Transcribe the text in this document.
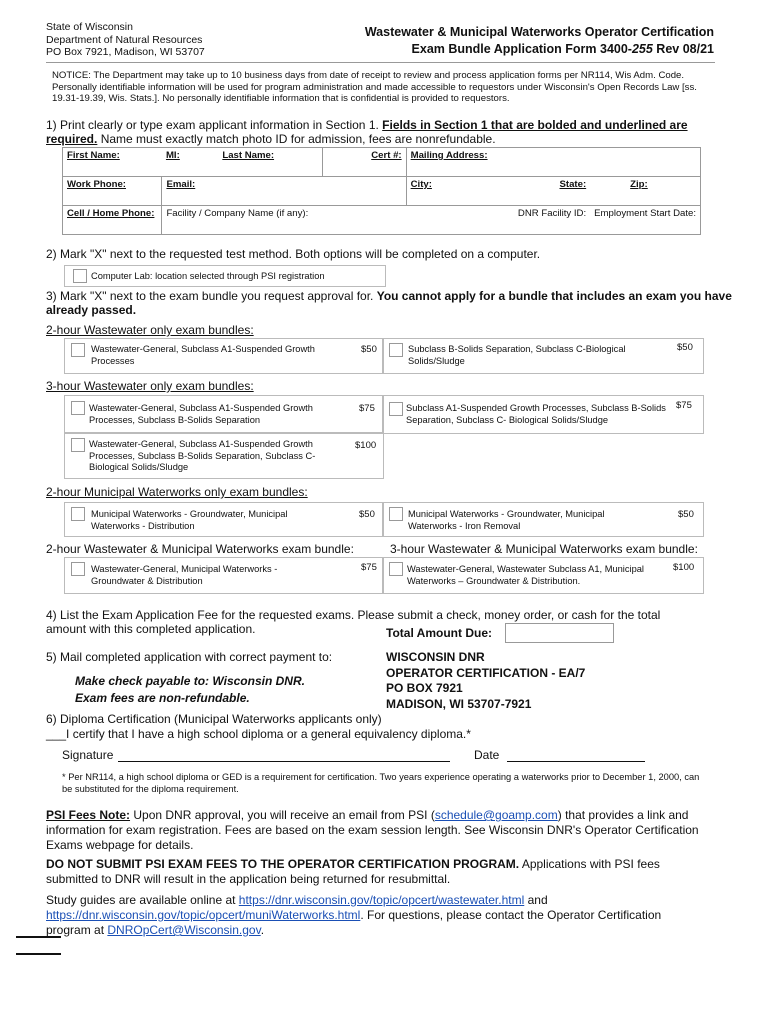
State of Wisconsin
Department of Natural Resources
PO Box 7921, Madison, WI 53707
Wastewater & Municipal Waterworks Operator Certification
Exam Bundle Application Form 3400-255 Rev 08/21
NOTICE: The Department may take up to 10 business days from date of receipt to review and process application forms per NR114, Wis Adm. Code. Personally identifiable information will be used for program administration and made accessible to requestors under Wisconsin's Open Records Law [ss. 19.31-19.39, Wis. Stats.]. No personally identifiable information that is confidential is provided to requestors.
1) Print clearly or type exam applicant information in Section 1. Fields in Section 1 that are bolded and underlined are required. Name must exactly match photo ID for admission, fees are nonrefundable.
First Name:	MI:	Last Name:	Cert #:	Mailing Address:		
Work Phone:	Email:			City:	State:	Zip:
Cell / Home Phone:	Facility / Company Name (if any):			DNR Facility ID:		Employment Start Date:
2) Mark "X" next to the requested test method. Both options will be completed on a computer.
Computer Lab: location selected through PSI registration
3) Mark "X" next to the exam bundle you request approval for. You cannot apply for a bundle that includes an exam you have already passed.
2-hour Wastewater only exam bundles:
Wastewater-General, Subclass A1-Suspended Growth Processes
$50	Subclass B-Solids Separation, Subclass C-Biological Solids/Sludge
$50
3-hour Wastewater only exam bundles:
Wastewater-General, Subclass A1-Suspended Growth Processes, Subclass B-Solids Separation
$75	Subclass A1-Suspended Growth Processes, Subclass B-Solids Separation, Subclass C- Biological Solids/Sludge
$75
Wastewater-General, Subclass A1-Suspended Growth Processes, Subclass B-Solids Separation, Subclass C-Biological Solids/Sludge
$100
2-hour Municipal Waterworks only exam bundles:
Municipal Waterworks - Groundwater, Municipal Waterworks - Distribution
$50	Municipal Waterworks - Groundwater, Municipal Waterworks - Iron Removal
$50
2-hour Wastewater & Municipal Waterworks exam bundle:	3-hour Wastewater & Municipal Waterworks exam bundle:
Wastewater-General, Municipal Waterworks - Groundwater & Distribution
$75	Wastewater-General, Wastewater Subclass A1, Municipal Waterworks – Groundwater & Distribution.
$100
4) List the Exam Application Fee for the requested exams. Please submit a check, money order, or cash for the total amount with this completed application.	Total Amount Due:
5) Mail completed application with correct payment to:	WISCONSIN DNR
OPERATOR CERTIFICATION - EA/7
PO BOX 7921
MADISON, WI 53707-7921
Make check payable to: Wisconsin DNR.
Exam fees are non-refundable.
6) Diploma Certification (Municipal Waterworks applicants only)
___I certify that I have a high school diploma or a general equivalency diploma.*
Signature	Date
* Per NR114, a high school diploma or GED is a requirement for certification. Two years experience operating a waterworks prior to December 1, 2000, can be substituted for the diploma requirement.
PSI Fees Note: Upon DNR approval, you will receive an email from PSI (schedule@goamp.com) that provides a link and information for exam registration. Fees are based on the exam session length. See Wisconsin DNR's Operator Certification Exams webpage for details.
DO NOT SUBMIT PSI EXAM FEES TO THE OPERATOR CERTIFICATION PROGRAM. Applications with PSI fees submitted to DNR will result in the application being returned for resubmittal.
Study guides are available online at https://dnr.wisconsin.gov/topic/opcert/wastewater.html and https://dnr.wisconsin.gov/topic/opcert/muniWaterworks.html. For questions, please contact the Operator Certification program at DNROpCert@Wisconsin.gov.
